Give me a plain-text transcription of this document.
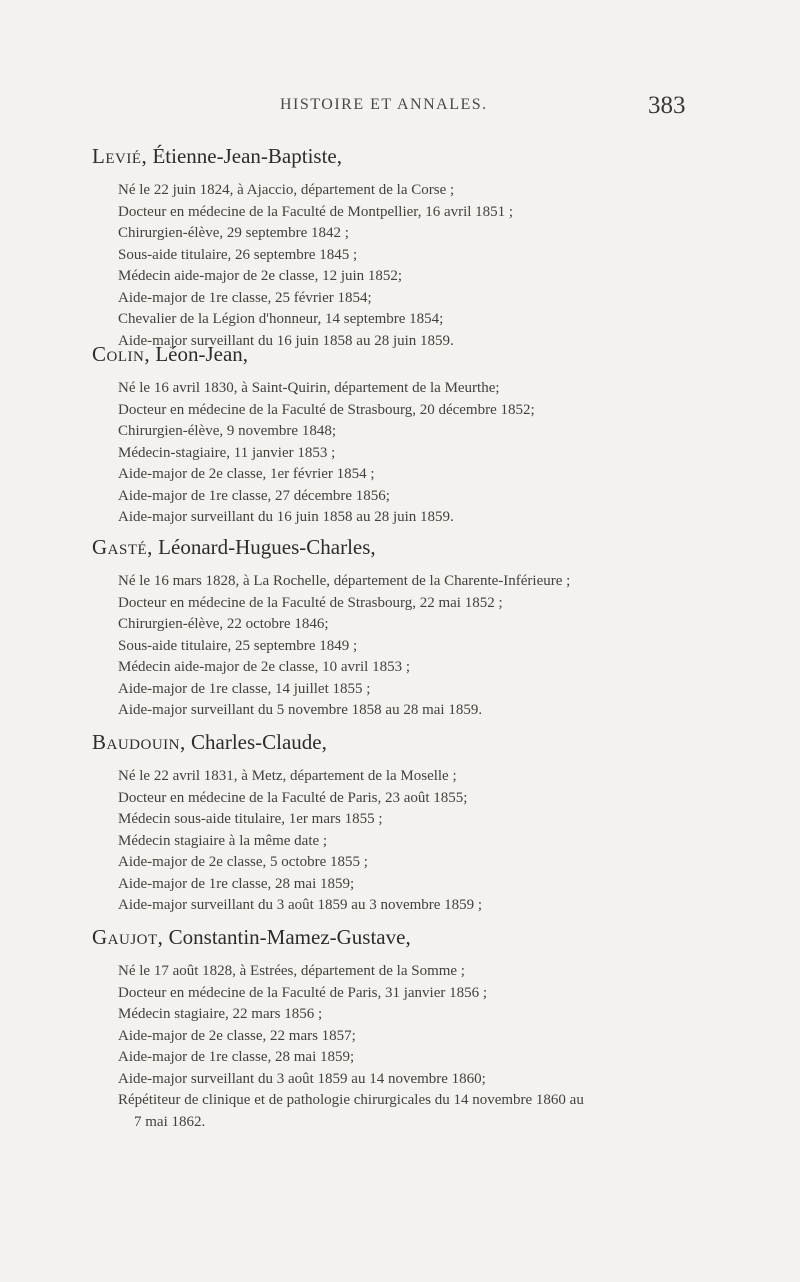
HISTOIRE ET ANNALES.	383
Levié, Étienne-Jean-Baptiste,
Né le 22 juin 1824, à Ajaccio, département de la Corse ;
Docteur en médecine de la Faculté de Montpellier, 16 avril 1851 ;
Chirurgien-élève, 29 septembre 1842 ;
Sous-aide titulaire, 26 septembre 1845 ;
Médecin aide-major de 2e classe, 12 juin 1852;
Aide-major de 1re classe, 25 février 1854;
Chevalier de la Légion d'honneur, 14 septembre 1854;
Aide-major surveillant du 16 juin 1858 au 28 juin 1859.
Colin, Léon-Jean,
Né le 16 avril 1830, à Saint-Quirin, département de la Meurthe;
Docteur en médecine de la Faculté de Strasbourg, 20 décembre 1852;
Chirurgien-élève, 9 novembre 1848;
Médecin-stagiaire, 11 janvier 1853 ;
Aide-major de 2e classe, 1er février 1854 ;
Aide-major de 1re classe, 27 décembre 1856;
Aide-major surveillant du 16 juin 1858 au 28 juin 1859.
Gasté, Léonard-Hugues-Charles,
Né le 16 mars 1828, à La Rochelle, département de la Charente-Inférieure ;
Docteur en médecine de la Faculté de Strasbourg, 22 mai 1852 ;
Chirurgien-élève, 22 octobre 1846;
Sous-aide titulaire, 25 septembre 1849 ;
Médecin aide-major de 2e classe, 10 avril 1853 ;
Aide-major de 1re classe, 14 juillet 1855 ;
Aide-major surveillant du 5 novembre 1858 au 28 mai 1859.
Baudouin, Charles-Claude,
Né le 22 avril 1831, à Metz, département de la Moselle ;
Docteur en médecine de la Faculté de Paris, 23 août 1855;
Médecin sous-aide titulaire, 1er mars 1855 ;
Médecin stagiaire à la même date ;
Aide-major de 2e classe, 5 octobre 1855 ;
Aide-major de 1re classe, 28 mai 1859;
Aide-major surveillant du 3 août 1859 au 3 novembre 1859 ;
Gaujot, Constantin-Mamez-Gustave,
Né le 17 août 1828, à Estrées, département de la Somme ;
Docteur en médecine de la Faculté de Paris, 31 janvier 1856 ;
Médecin stagiaire, 22 mars 1856 ;
Aide-major de 2e classe, 22 mars 1857;
Aide-major de 1re classe, 28 mai 1859;
Aide-major surveillant du 3 août 1859 au 14 novembre 1860;
Répétiteur de clinique et de pathologie chirurgicales du 14 novembre 1860 au
7 mai 1862.
